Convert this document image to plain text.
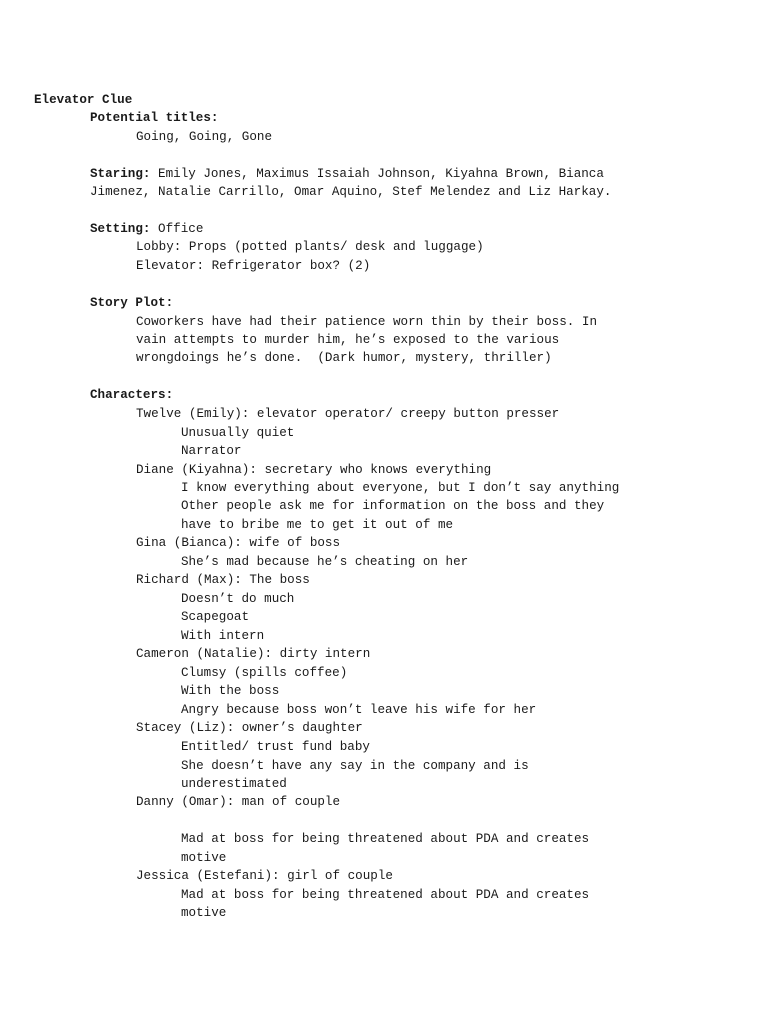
Elevator Clue
Potential titles:
Going, Going, Gone
Staring: Emily Jones, Maximus Issaiah Johnson, Kiyahna Brown, Bianca
Jimenez, Natalie Carrillo, Omar Aquino, Stef Melendez and Liz Harkay.
Setting: Office
Lobby: Props (potted plants/ desk and luggage)
Elevator: Refrigerator box? (2)
Story Plot:
Coworkers have had their patience worn thin by their boss. In
vain attempts to murder him, he’s exposed to the various
wrongdoings he’s done.  (Dark humor, mystery, thriller)
Characters:
Twelve (Emily): elevator operator/ creepy button presser
Unusually quiet
Narrator
Diane (Kiyahna): secretary who knows everything
I know everything about everyone, but I don’t say anything
Other people ask me for information on the boss and they
have to bribe me to get it out of me
Gina (Bianca): wife of boss
She’s mad because he’s cheating on her
Richard (Max): The boss
Doesn’t do much
Scapegoat
With intern
Cameron (Natalie): dirty intern
Clumsy (spills coffee)
With the boss
Angry because boss won’t leave his wife for her
Stacey (Liz): owner’s daughter
Entitled/ trust fund baby
She doesn’t have any say in the company and is
underestimated
Danny (Omar): man of couple
Mad at boss for being threatened about PDA and creates
motive
Jessica (Estefani): girl of couple
Mad at boss for being threatened about PDA and creates
motive
